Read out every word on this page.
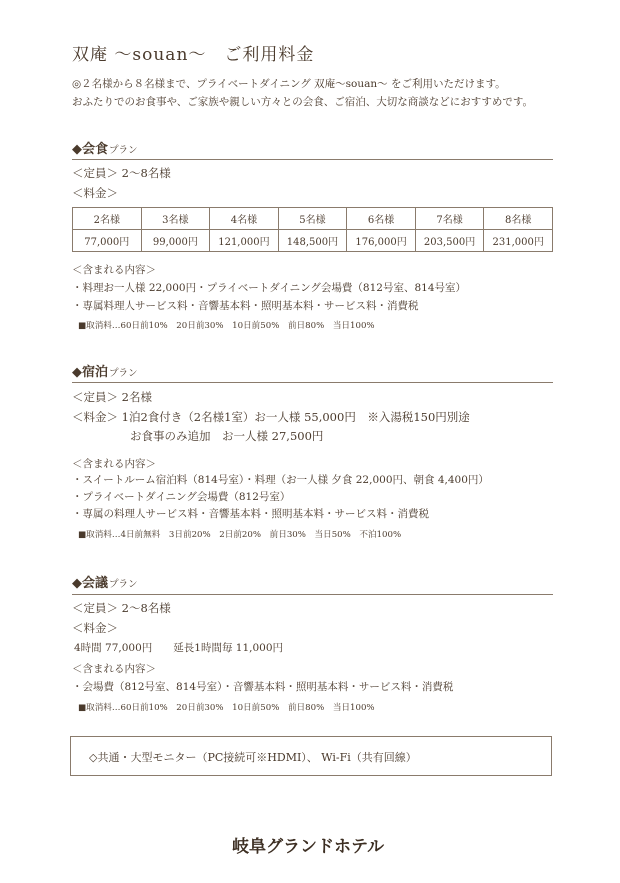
双庵 ～souan～　ご利用料金
◎２名様から８名様まで、プライベートダイニング 双庵～souan～ をご利用いただけます。
おふたりでのお食事や、ご家族や親しい方々との会食、ご宿泊、大切な商談などにおすすめです。
◆会食プラン
＜定員＞ 2～8名様
＜料金＞
2名様	3名様	4名様	5名様	6名様	7名様	8名様
77,000円	99,000円	121,000円	148,500円	176,000円	203,500円	231,000円
＜含まれる内容＞
・料理お一人様 22,000円・プライベートダイニング会場費（812号室、814号室）
・専属料理人サービス料・音響基本料・照明基本料・サービス料・消費税
■取消料…60日前10%　20日前30%　10日前50%　前日80%　当日100%
◆宿泊プラン
＜定員＞ 2名様
＜料金＞ 1泊2食付き（2名様1室）お一人様 55,000円　※入湯税150円別途
お食事のみ追加　お一人様 27,500円
＜含まれる内容＞
・スイートルーム宿泊料（814号室）・料理（お一人様 夕食 22,000円、朝食 4,400円）
・プライベートダイニング会場費（812号室）
・専属の料理人サービス料・音響基本料・照明基本料・サービス料・消費税
■取消料…4日前無料　3日前20%　2日前20%　前日30%　当日50%　不泊100%
◆会議プラン
＜定員＞ 2～8名様
＜料金＞
4時間 77,000円　　延長1時間毎 11,000円
＜含まれる内容＞
・会場費（812号室、814号室）・音響基本料・照明基本料・サービス料・消費税
■取消料…60日前10%　20日前30%　10日前50%　前日80%　当日100%
◇共通・大型モニター（PC接続可※HDMI）、 Wi-Fi（共有回線）
岐阜グランドホテル
